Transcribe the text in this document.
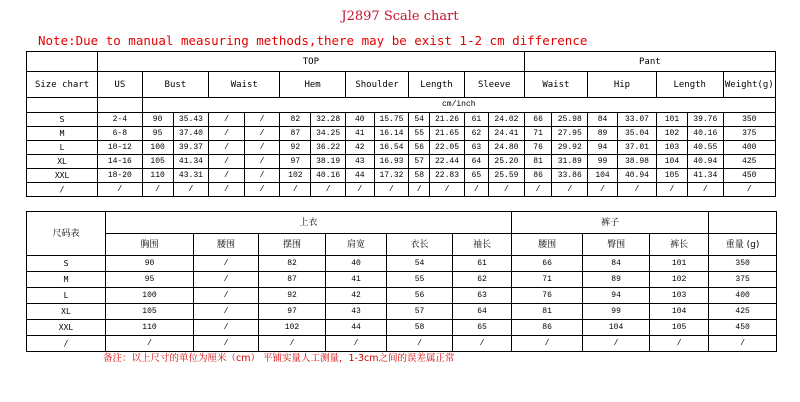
J2897 Scale chart
Note:Due to manual measuring methods,there may be exist 1-2 cm difference
	TOP													Pant						
Size chart	US	Bust		Waist		Hem		Shoulder		Length		Sleeve		Waist		Hip		Length		Weight(g)
		cm/inch																		
S	2-4	90	35.43	/	/	82	32.28	40	15.75	54	21.26	61	24.02	66	25.98	84	33.07	101	39.76	350
M	6-8	95	37.40	/	/	87	34.25	41	16.14	55	21.65	62	24.41	71	27.95	89	35.04	102	40.16	375
L	10-12	100	39.37	/	/	92	36.22	42	16.54	56	22.05	63	24.80	76	29.92	94	37.01	103	40.55	400
XL	14-16	105	41.34	/	/	97	38.19	43	16.93	57	22.44	64	25.20	81	31.89	99	38.98	104	40.94	425
XXL	18-20	110	43.31	/	/	102	40.16	44	17.32	58	22.83	65	25.59	86	33.86	104	40.94	105	41.34	450
/	/	/	/	/	/	/	/	/	/	/	/	/	/	/	/	/	/	/	/	/
尺码表	上衣						裤子			
	胸围	腰围	摆围	肩宽	衣长	袖长	腰围	臀围	裤长	重量 (g)
S	90	/	82	40	54	61	66	84	101	350
M	95	/	87	41	55	62	71	89	102	375
L	100	/	92	42	56	63	76	94	103	400
XL	105	/	97	43	57	64	81	99	104	425
XXL	110	/	102	44	58	65	86	104	105	450
/	/	/	/	/	/	/	/	/	/	/
备注：以上尺寸的单位为厘米（cm） 平铺实量人工测量，1-3cm之间的误差属正常
